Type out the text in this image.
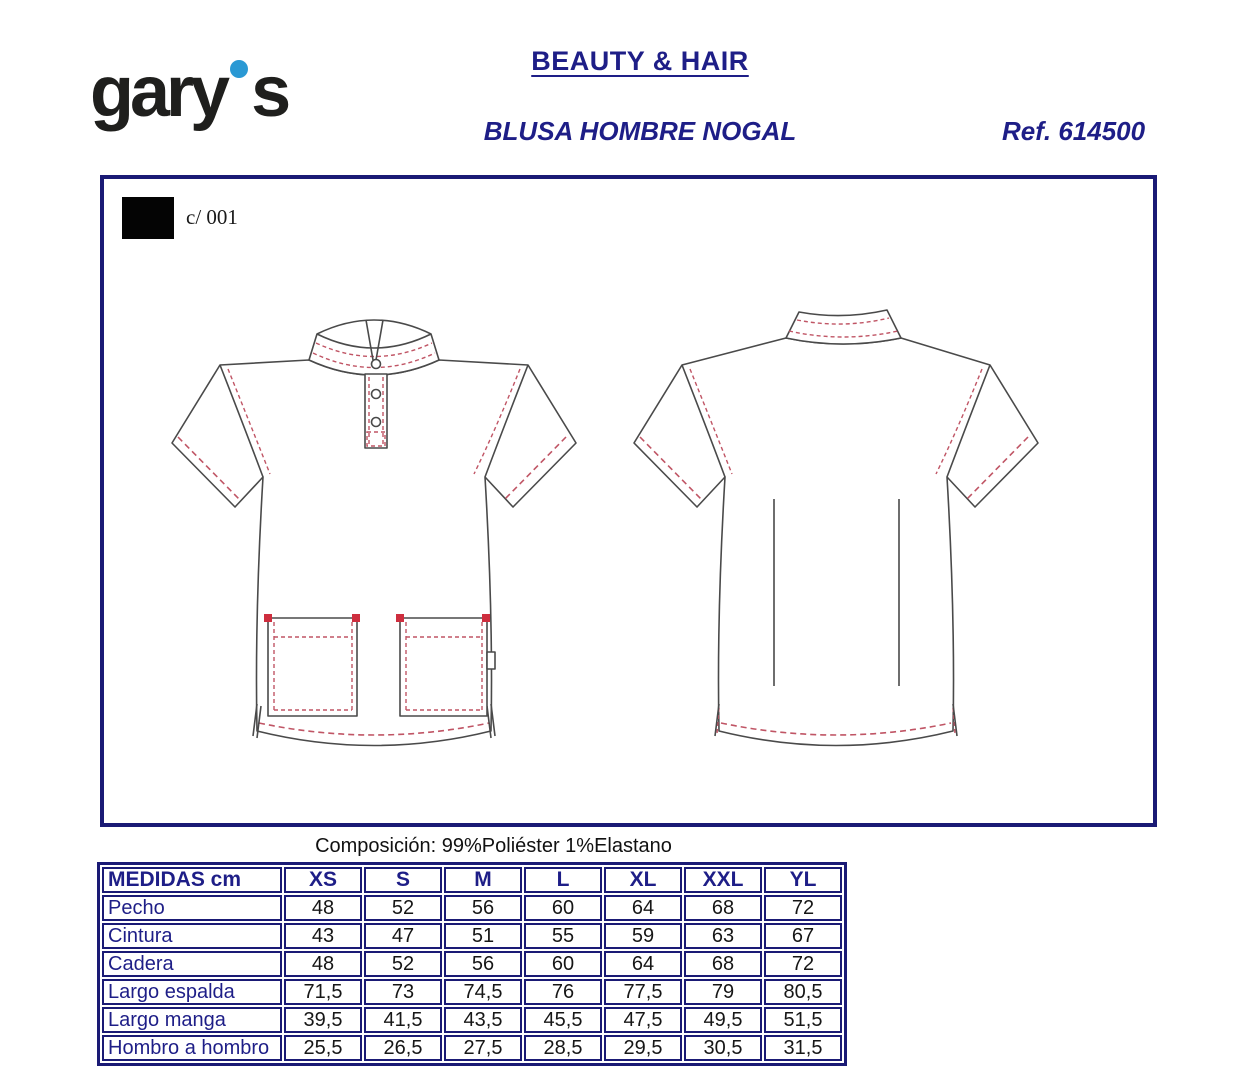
gary s	BEAUTY & HAIR
BLUSA HOMBRE NOGAL	Ref. 614500
c/ 001
Composición: 99%Poliéster 1%Elastano
MEDIDAS cm	XS	S	M	L	XL	XXL	YL
Pecho	48	52	56	60	64	68	72
Cintura	43	47	51	55	59	63	67
Cadera	48	52	56	60	64	68	72
Largo espalda	71,5	73	74,5	76	77,5	79	80,5
Largo manga	39,5	41,5	43,5	45,5	47,5	49,5	51,5
Hombro a hombro	25,5	26,5	27,5	28,5	29,5	30,5	31,5
